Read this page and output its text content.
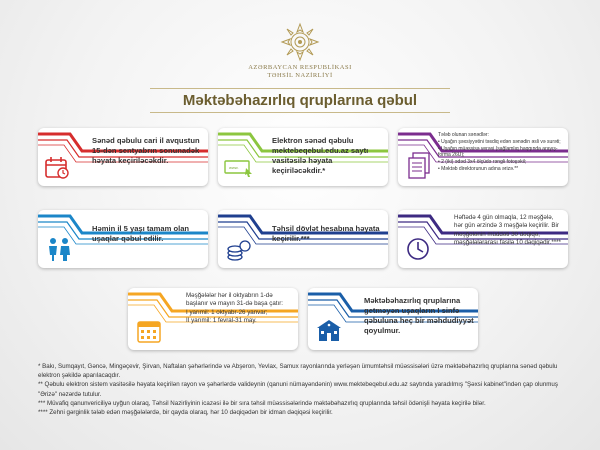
AZƏRBAYCAN RESPUBLİKASI
TƏHSİL NAZİRLİYİ
Məktəbəhazırlıq qruplarına qəbul
Sənəd qəbulu cari il avqustun 15-dən sentyabrın sonunadək həyata keçiriləcəkdir.
www.
Elektron sənəd qəbulu mektebeqebul.edu.az saytı vasitəsilə həyata keçiriləcəkdir.*
Tələb olunan sənədlər:
• Uşağın şəxsiyyətini təsdiq edən sənədin əsli və surəti;
• Uşağın müəssisə verəsi (sağlamlıq haqqında arayış-forma 26U);
• 2 (iki) ədəd 3x4 ölçüdə rəngli fotoşəkil;
• Məktəb direktorunun adına ərizə.**
Həmin il 5 yaşı tamam olan uşaqlar qəbul edilir.
Təhsil dövlət hesabına həyata keçirilir.***
Həftədə 4 gün olmaqla, 12 məşğələ, hər gün ərzində 3 məşğələ keçirilir. Bir məşğələnin müddəti 30 dəqiqə, məşğələlərarası fasilə 10 dəqiqədir.****
Məşğələlər hər il oktyabrın 1-də başlanır və mayın 31-də başa çatır:
I yarımil: 1 oktyabr-26 yanvar;
II yarımil: 1 fevral-31 may.
Məktəbəhazırlıq qruplarına getməyən uşaqların I sinfə qəbuluna heç bir məhdudiyyət qoyulmur.

* Bakı, Sumqayıt, Gəncə, Mingəçevir, Şirvan, Naftalan şəhərlərində və Abşeron, Yevlax, Samux rayonlarında yerləşən ümumtəhsil müəssisələri üzrə məktəbəhazırlıq qruplarına sənəd qəbulu elektron şəkildə aparılacaqdır.

** Qəbulu elektron sistem vasitəsilə həyata keçirilən rayon və şəhərlərdə valideynin (qanuni nümayəndənin) www.mektebeqebul.edu.az saytında yaradılmış "Şəxsi kabinet"indən çap olunmuş "Ərizə" nəzərdə tutulur.

*** Müvafiq qanunvericiliyə uyğun olaraq, Təhsil Nazirliyinin icazəsi ilə bir sıra təhsil müəssisələrində məktəbəhazırlıq qruplarında təhsil ödənişli həyata keçirilə bilər.

**** Zehni gərginlik tələb edən məşğələlərdə, bir qayda olaraq, hər 10 dəqiqədən bir idman dəqiqəsi keçirilir.
